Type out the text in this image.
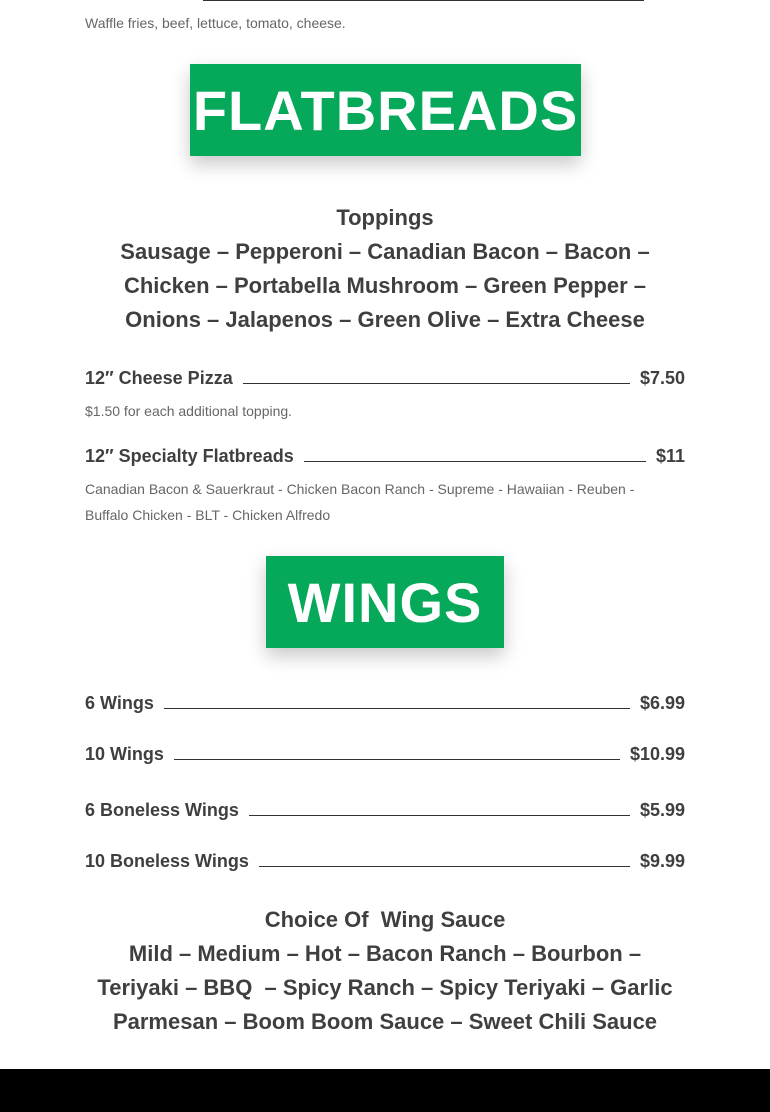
Waffle fries, beef, lettuce, tomato, cheese.

FLATBREADS
Toppings
Sausage – Pepperoni – Canadian Bacon – Bacon –
Chicken – Portabella Mushroom – Green Pepper –
Onions – Jalapenos – Green Olive – Extra Cheese
12″ Cheese Pizza	$7.50

$1.50 for each additional topping.

12″ Specialty Flatbreads	$11

Canadian Bacon & Sauerkraut - Chicken Bacon Ranch - Supreme - Hawaiian - Reuben -

Buffalo Chicken - BLT - Chicken Alfredo

WINGS
6 Wings	$6.99
10 Wings	$10.99
6 Boneless Wings	$5.99
10 Boneless Wings	$9.99
Choice Of  Wing Sauce
Mild – Medium – Hot – Bacon Ranch – Bourbon –
Teriyaki – BBQ  – Spicy Ranch – Spicy Teriyaki – Garlic
Parmesan – Boom Boom Sauce – Sweet Chili Sauce
